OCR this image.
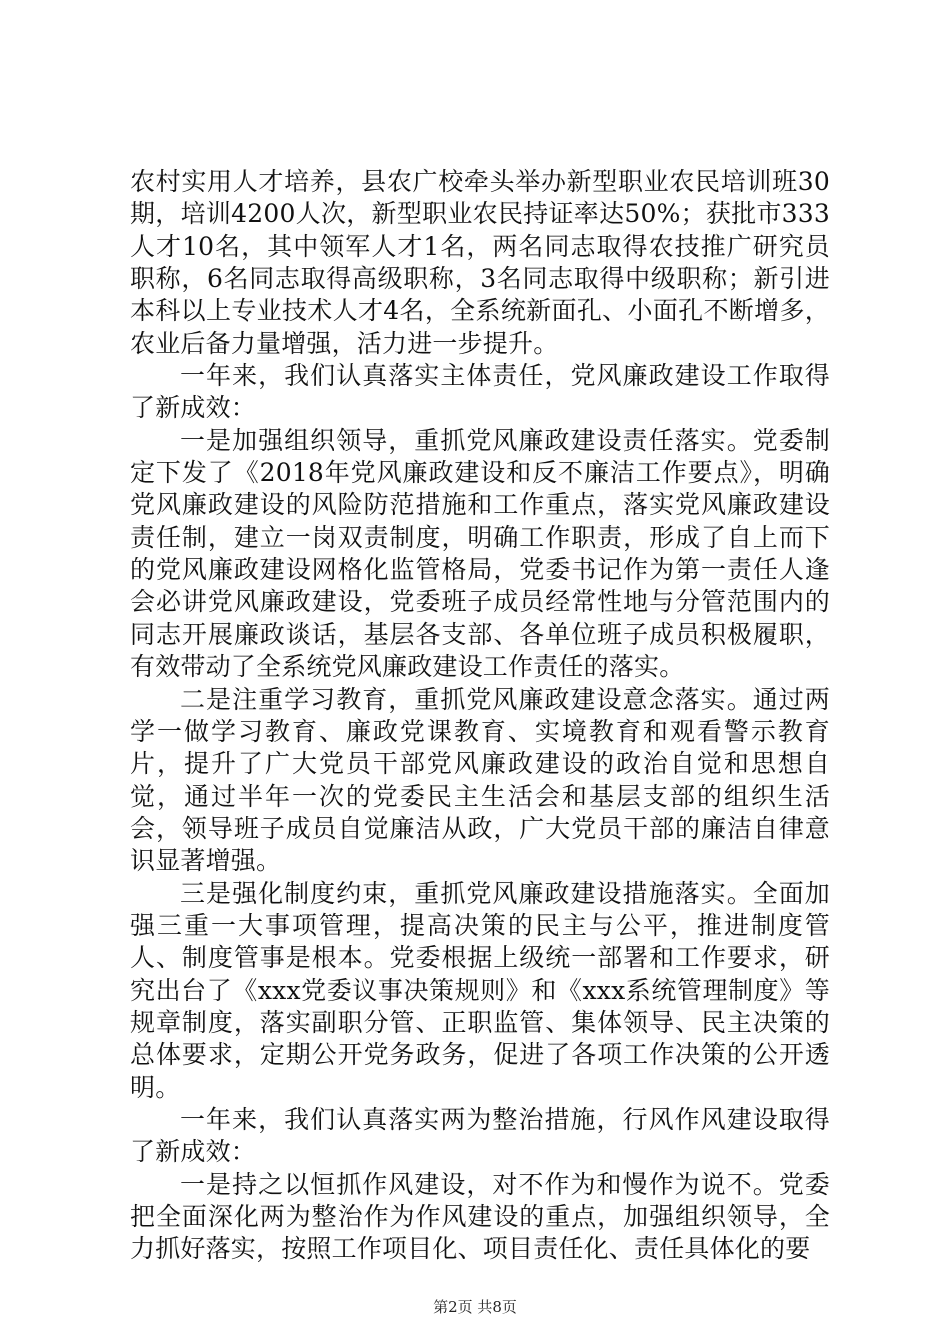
农村实用人才培养，县农广校牵头举办新型职业农民培训班30期，培训4200人次，新型职业农民持证率达50%；获批市333人才10名，其中领军人才1名，两名同志取得农技推广研究员职称，6名同志取得高级职称，3名同志取得中级职称；新引进本科以上专业技术人才4名，全系统新面孔、小面孔不断增多，农业后备力量增强，活力进一步提升。

一年来，我们认真落实主体责任，党风廉政建设工作取得了新成效：

一是加强组织领导，重抓党风廉政建设责任落实。党委制定下发了《2018年党风廉政建设和反不廉洁工作要点》，明确党风廉政建设的风险防范措施和工作重点，落实党风廉政建设责任制，建立一岗双责制度，明确工作职责，形成了自上而下的党风廉政建设网格化监管格局，党委书记作为第一责任人逢会必讲党风廉政建设，党委班子成员经常性地与分管范围内的同志开展廉政谈话，基层各支部、各单位班子成员积极履职，有效带动了全系统党风廉政建设工作责任的落实。

二是注重学习教育，重抓党风廉政建设意念落实。通过两学一做学习教育、廉政党课教育、实境教育和观看警示教育片，提升了广大党员干部党风廉政建设的政治自觉和思想自觉，通过半年一次的党委民主生活会和基层支部的组织生活会，领导班子成员自觉廉洁从政，广大党员干部的廉洁自律意识显著增强。

三是强化制度约束，重抓党风廉政建设措施落实。全面加强三重一大事项管理，提高决策的民主与公平，推进制度管人、制度管事是根本。党委根据上级统一部署和工作要求，研究出台了《xxx党委议事决策规则》和《xxx系统管理制度》等规章制度，落实副职分管、正职监管、集体领导、民主决策的总体要求，定期公开党务政务，促进了各项工作决策的公开透明。

一年来，我们认真落实两为整治措施，行风作风建设取得了新成效：

一是持之以恒抓作风建设，对不作为和慢作为说不。党委把全面深化两为整治作为作风建设的重点，加强组织领导，全力抓好落实，按照工作项目化、项目责任化、责任具体化的要

第2页 共8页
